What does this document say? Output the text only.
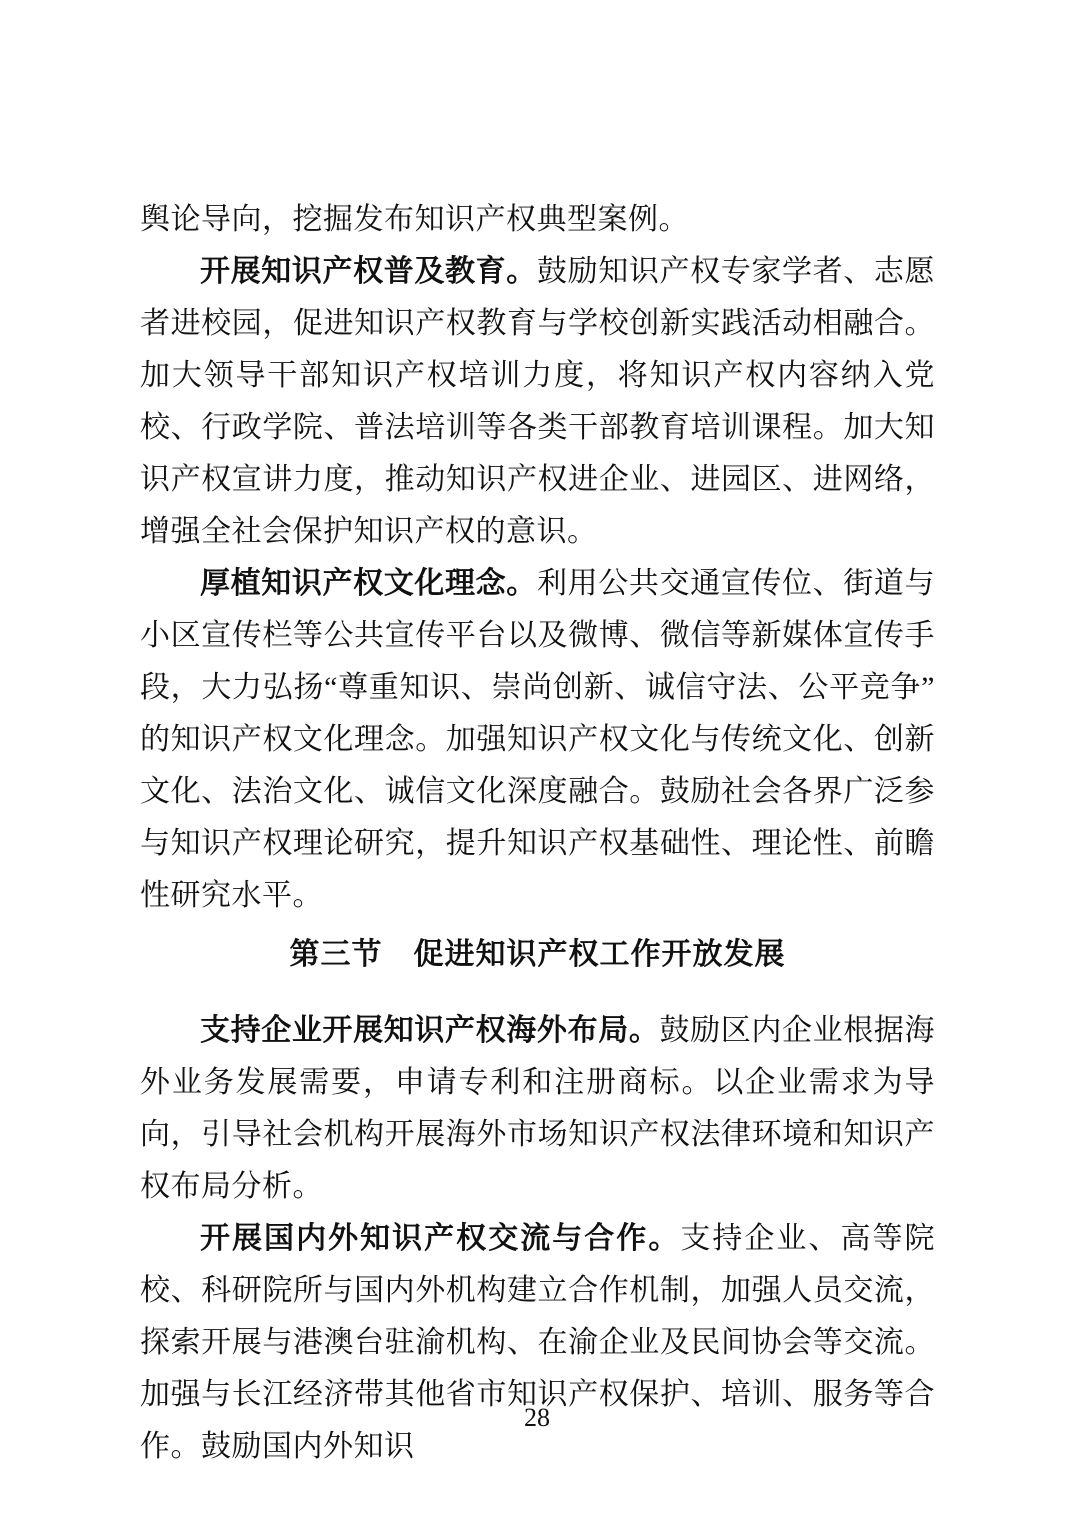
舆论导向，挖掘发布知识产权典型案例。

开展知识产权普及教育。鼓励知识产权专家学者、志愿者进校园，促进知识产权教育与学校创新实践活动相融合。加大领导干部知识产权培训力度，将知识产权内容纳入党校、行政学院、普法培训等各类干部教育培训课程。加大知识产权宣讲力度，推动知识产权进企业、进园区、进网络，增强全社会保护知识产权的意识。

厚植知识产权文化理念。利用公共交通宣传位、街道与小区宣传栏等公共宣传平台以及微博、微信等新媒体宣传手段，大力弘扬“尊重知识、崇尚创新、诚信守法、公平竞争”的知识产权文化理念。加强知识产权文化与传统文化、创新文化、法治文化、诚信文化深度融合。鼓励社会各界广泛参与知识产权理论研究，提升知识产权基础性、理论性、前瞻性研究水平。

第三节　促进知识产权工作开放发展

支持企业开展知识产权海外布局。鼓励区内企业根据海外业务发展需要，申请专利和注册商标。以企业需求为导向，引导社会机构开展海外市场知识产权法律环境和知识产权布局分析。

开展国内外知识产权交流与合作。支持企业、高等院校、科研院所与国内外机构建立合作机制，加强人员交流，探索开展与港澳台驻渝机构、在渝企业及民间协会等交流。加强与长江经济带其他省市知识产权保护、培训、服务等合作。鼓励国内外知识

28
